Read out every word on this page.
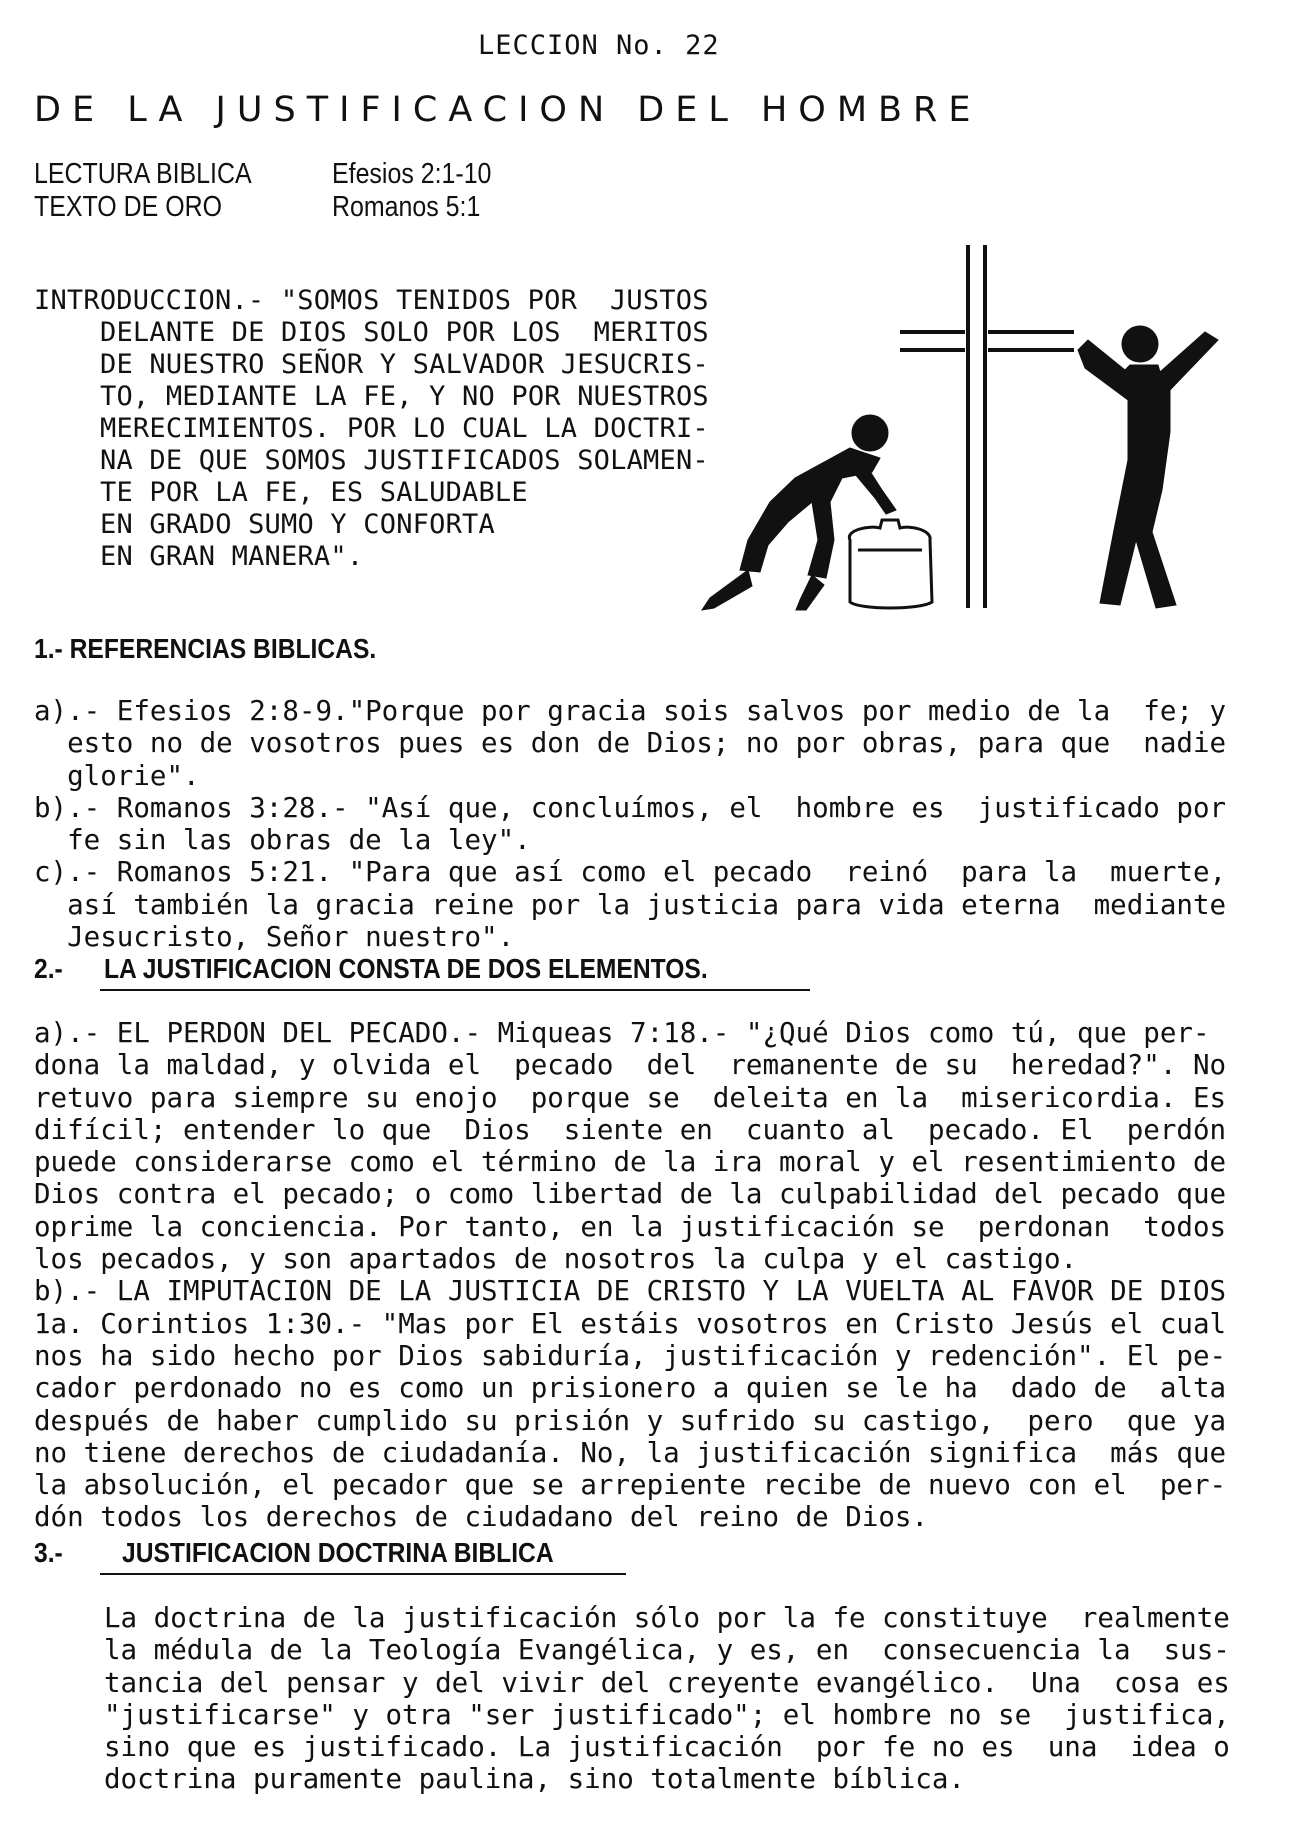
LECCION No. 22
DE LA JUSTIFICACION DEL HOMBRE
LECTURA BIBLICA	Efesios 2:1-10
TEXTO DE ORO	Romanos 5:1
INTRODUCCION.- "SOMOS TENIDOS POR  JUSTOS
DELANTE DE DIOS SOLO POR LOS  MERITOS
DE NUESTRO SEÑOR Y SALVADOR JESUCRIS-
TO, MEDIANTE LA FE, Y NO POR NUESTROS
MERECIMIENTOS. POR LO CUAL LA DOCTRI-
NA DE QUE SOMOS JUSTIFICADOS SOLAMEN-
TE POR LA FE, ES SALUDABLE
EN GRADO SUMO Y CONFORTA
EN GRAN MANERA".
1.- REFERENCIAS BIBLICAS.
a).- Efesios 2:8-9."Porque por gracia sois salvos por medio de la  fe; y
esto no de vosotros pues es don de Dios; no por obras, para que  nadie
glorie".
b).- Romanos 3:28.- "Así que, concluímos, el  hombre es  justificado por
fe sin las obras de la ley".
c).- Romanos 5:21. "Para que así como el pecado  reinó  para la  muerte,
así también la gracia reine por la justicia para vida eterna  mediante
Jesucristo, Señor nuestro".
2.- LA JUSTIFICACION CONSTA DE DOS ELEMENTOS.
a).- EL PERDON DEL PECADO.- Miqueas 7:18.- "¿Qué Dios como tú, que per-
dona la maldad, y olvida el  pecado  del  remanente de su  heredad?". No
retuvo para siempre su enojo  porque se  deleita en la  misericordia. Es
difícil; entender lo que  Dios  siente en  cuanto al  pecado. El  perdón
puede considerarse como el término de la ira moral y el resentimiento de
Dios contra el pecado; o como libertad de la culpabilidad del pecado que
oprime la conciencia. Por tanto, en la justificación se  perdonan  todos
los pecados, y son apartados de nosotros la culpa y el castigo.
b).- LA IMPUTACION DE LA JUSTICIA DE CRISTO Y LA VUELTA AL FAVOR DE DIOS
1a. Corintios 1:30.- "Mas por El estáis vosotros en Cristo Jesús el cual
nos ha sido hecho por Dios sabiduría, justificación y redención". El pe-
cador perdonado no es como un prisionero a quien se le ha  dado de  alta
después de haber cumplido su prisión y sufrido su castigo,  pero  que ya
no tiene derechos de ciudadanía. No, la justificación significa  más que
la absolución, el pecador que se arrepiente recibe de nuevo con el  per-
dón todos los derechos de ciudadano del reino de Dios.
3.- JUSTIFICACION DOCTRINA BIBLICA
La doctrina de la justificación sólo por la fe constituye  realmente
la médula de la Teología Evangélica, y es, en  consecuencia la  sus-
tancia del pensar y del vivir del creyente evangélico.  Una  cosa es
"justificarse" y otra "ser justificado"; el hombre no se  justifica,
sino que es justificado. La justificación  por fe no es  una  idea o
doctrina puramente paulina, sino totalmente bíblica.
